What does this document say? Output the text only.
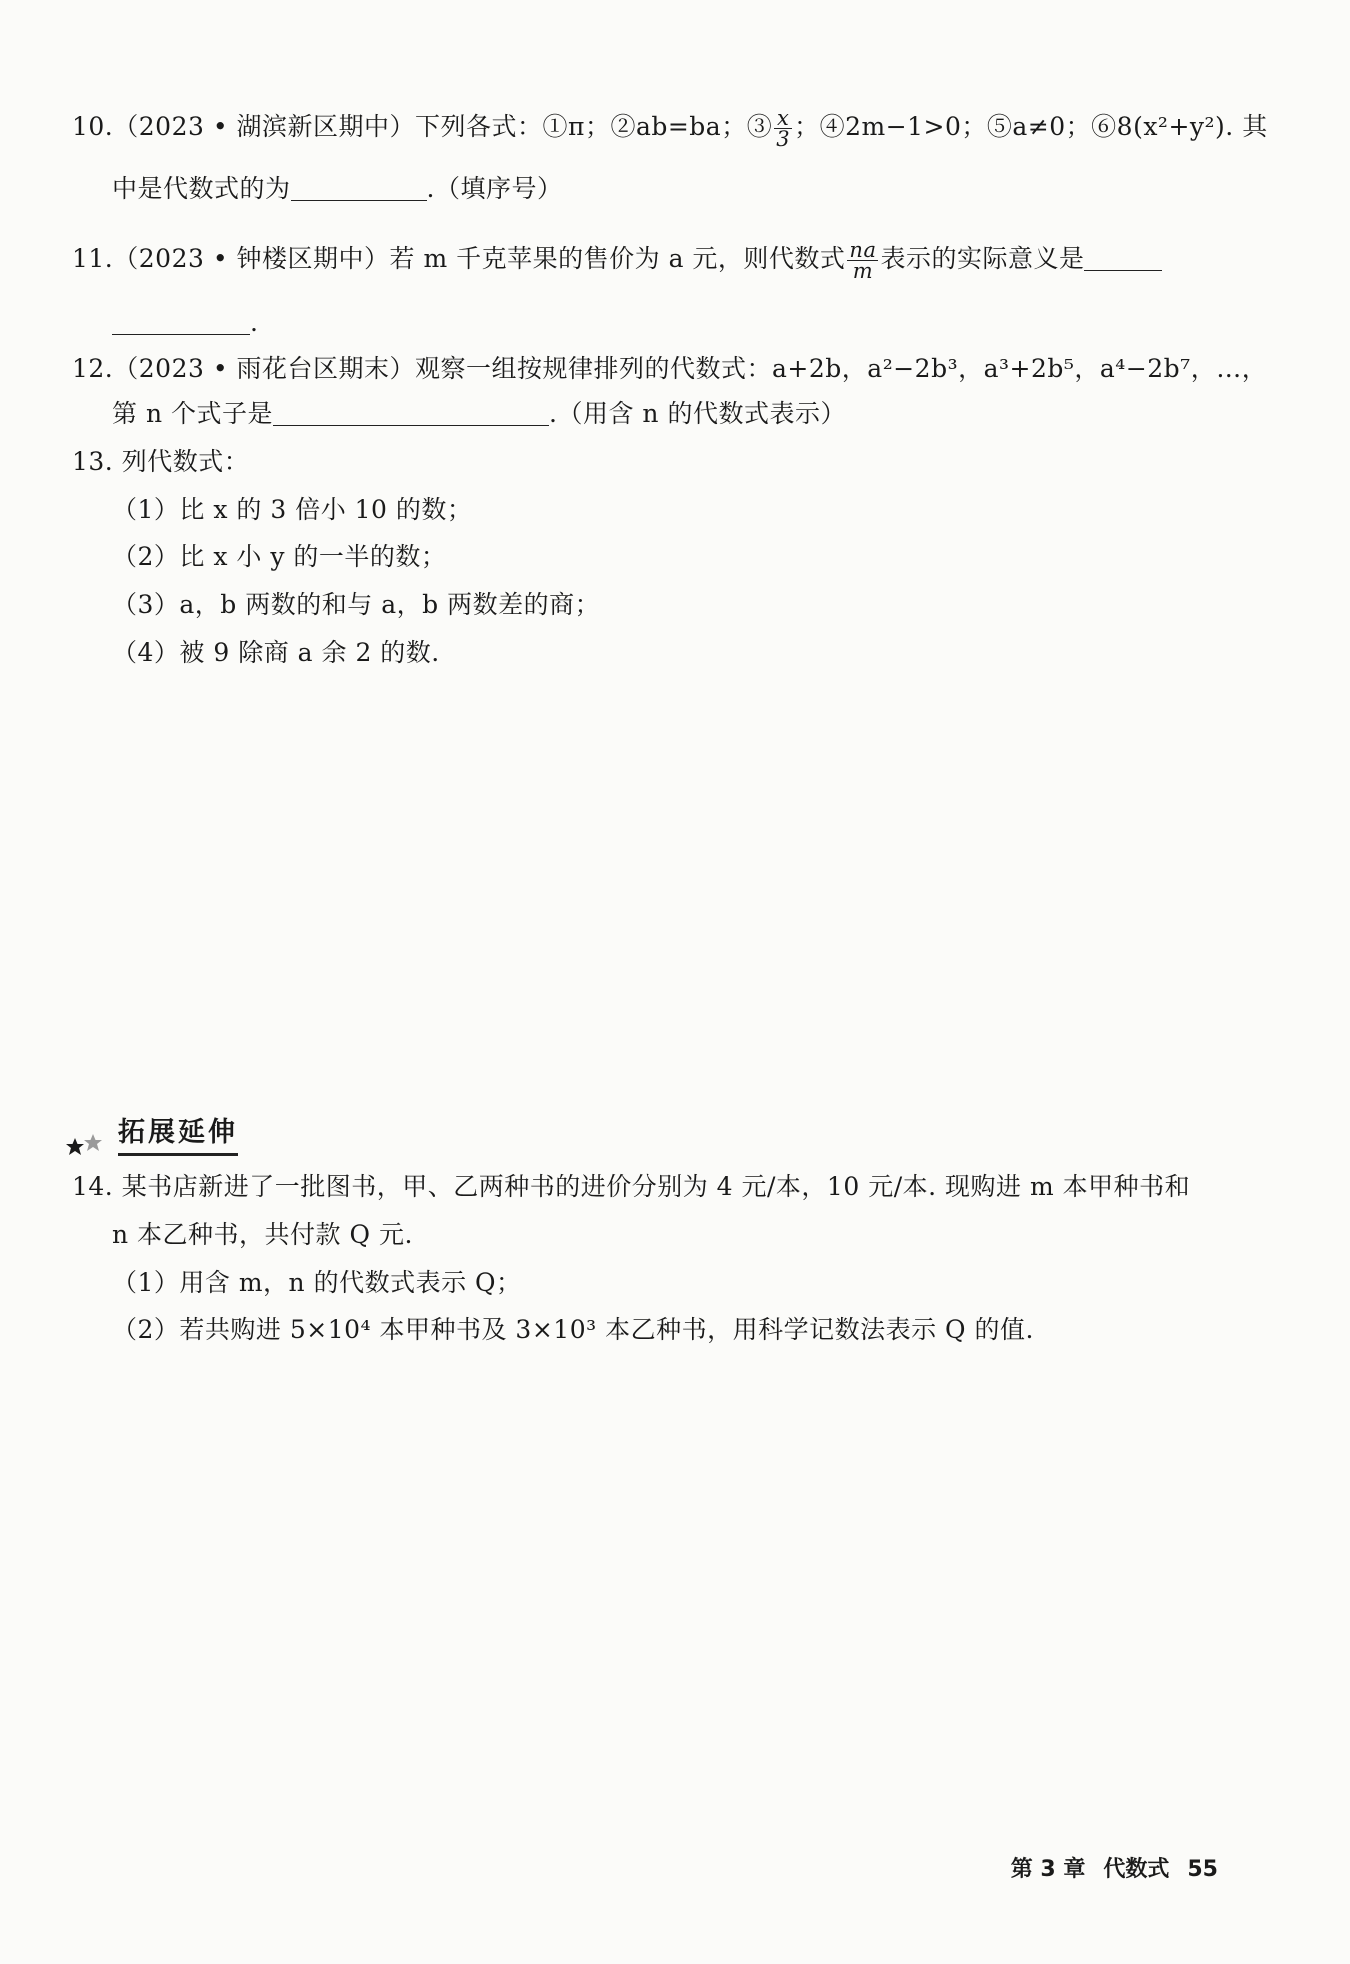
10.（2023 • 湖滨新区期中）下列各式：①π；②ab=ba；③ $\frac{x}{3}$ ；④2m−1>0；⑤a≠0；⑥8(x²+y²). 其
中是代数式的为	.（填序号）
11.（2023 • 钟楼区期中）若 m 千克苹果的售价为 a 元，则代数式 $\frac{na}{m}$ 表示的实际意义是
.
12.（2023 • 雨花台区期末）观察一组按规律排列的代数式：a+2b，a²−2b³，a³+2b⁵，a⁴−2b⁷，…，
第 n 个式子是	.（用含 n 的代数式表示）
13. 列代数式：
（1）比 x 的 3 倍小 10 的数；
（2）比 x 小 y 的一半的数；
（3）a，b 两数的和与 a，b 两数差的商；
（4）被 9 除商 a 余 2 的数.
拓展延伸
14. 某书店新进了一批图书，甲、乙两种书的进价分别为 4 元/本，10 元/本. 现购进 m 本甲种书和
n 本乙种书，共付款 Q 元.
（1）用含 m，n 的代数式表示 Q；
（2）若共购进 5×10⁴ 本甲种书及 3×10³ 本乙种书，用科学记数法表示 Q 的值.
第 3 章 代数式 55
